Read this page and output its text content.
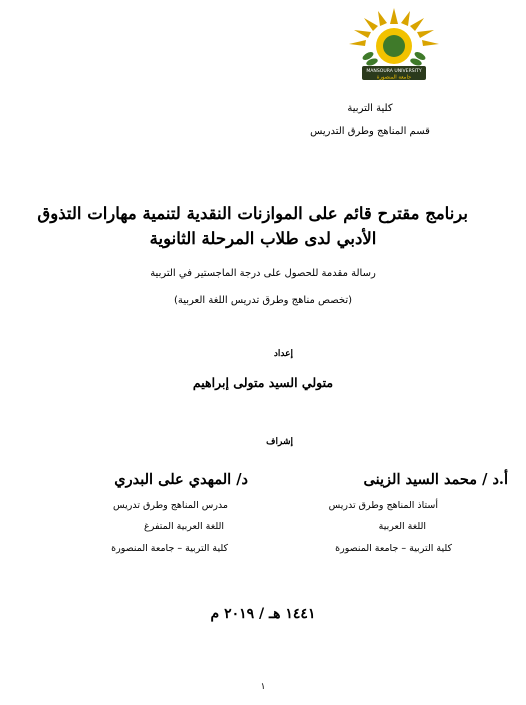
MANSOURA UNIVERSITY
جامعة المنصورة
كلية التربية
قسم المناهج وطرق التدريس
برنامج مقترح قائم على الموازنات النقدية لتنمية مهارات التذوق
الأدبي لدى طلاب المرحلة الثانوية
رسالة مقدمة للحصول على درجة الماجستير في التربية
(تخصص مناهج وطرق تدريس اللغة العربية)
إعداد
متولي السيد متولى إبراهيم
إشراف
أ.د / محمد السيد الزينى
أستاذ المناهج وطرق تدريس
اللغة العربية
كلية التربية – جامعة المنصورة
د/ المهدي على البدري
مدرس المناهج وطرق تدريس
اللغة العربية المتفرغ
كلية التربية – جامعة المنصورة
١٤٤١ هـ / ٢٠١٩ م
١
